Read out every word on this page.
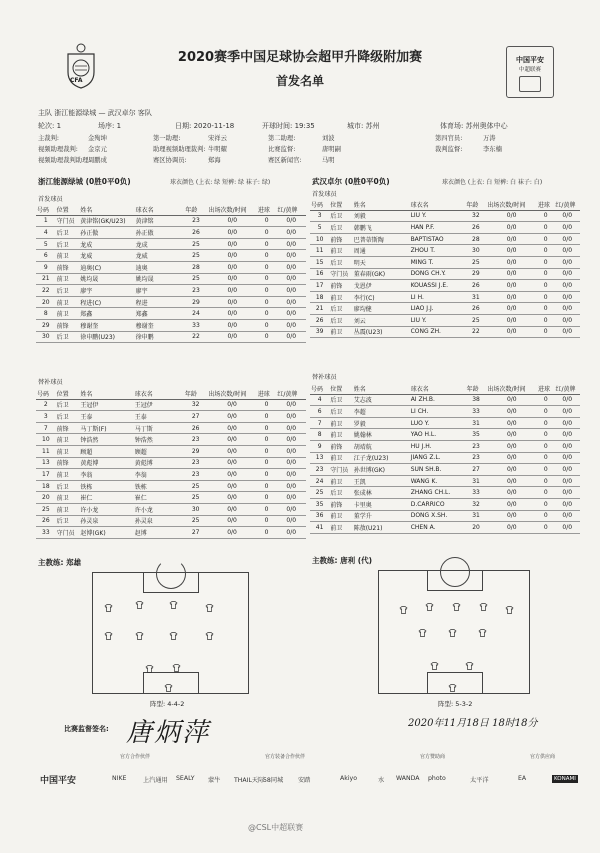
CFA
中国平安
中超联赛
2020赛季中国足球协会超甲升降级附加赛
首发名单
主队 浙江能源绿城 — 武汉卓尔 客队
轮次: 1	场序: 1	日期: 2020-11-18	开球时间: 19:35	城市: 苏州	体育场: 苏州奥体中心
主裁判:	金殉坤	第一助理:	宋祥云	第二助理:	刘波	第四官员:	万涛
视频助理裁判: 金京元	助理视频助理裁判: 牛明耀	比赛监督:	唐明嗣	裁判监督:	李东楠
视频助理裁判助理:
周鹏成	赛区协调员:	郑海	赛区新闻官:	马明
浙江能源绿城 (0胜0平0负)	球衣颜色 (上衣: 绿 短裤: 绿 袜子: 绿)	武汉卓尔 (0胜0平0负)	球衣颜色 (上衣: 白 短裤: 白 袜子: 白)
首发球员
首发球员
号码	位置	姓名	球衣名	年龄	出场次数/时间	进球	红/黄牌
1	守门员	黄津铭(GK/U23)	黄津铭	23	0/0	0	0/0
4	后卫	孙正傲	孙正傲	26	0/0	0	0/0
5	后卫	龙成	龙成	25	0/0	0	0/0
6	前卫	龙威	龙威	25	0/0	0	0/0
9	前锋	迪奥(C)	迪奥	28	0/0	0	0/0
21	前卫	姚均晟	姚均晟	25	0/0	0	0/0
22	后卫	廖宇	廖宇	23	0/0	0	0/0
20	前卫	程进(C)	程进	29	0/0	0	0/0
8	前卫	郑鑫	郑鑫	24	0/0	0	0/0
29	前锋	穆谢奎	穆谢奎	33	0/0	0	0/0
30	后卫	徐申鹏(U23)	徐申鹏	22	0/0	0	0/0
号码	位置	姓名	球衣名	年龄	出场次数/时间	进球	红/黄牌
3	后卫	刘毅	LIU Y.	32	0/0	0	0/0
5	后卫	韩鹏飞	HAN P.F.	26	0/0	0	0/0
10	前锋	巴普蒂斯陶	BAPTISTAO	28	0/0	0	0/0
11	前卫	周通	ZHOU T.	30	0/0	0	0/0
15	后卫	明天	MING T.	25	0/0	0	0/0
16	守门员	董春雨(GK)	DONG CH.Y.	29	0/0	0	0/0
17	前锋	戈恩伊	KOUASSI J.E.	26	0/0	0	0/0
18	前卫	李行(C)	LI H.	31	0/0	0	0/0
21	后卫	廖均健	LIAO J.J.	26	0/0	0	0/0
26	后卫	刘云	LIU Y.	25	0/0	0	0/0
39	前卫	丛震(U23)	CONG ZH.	22	0/0	0	0/0
替补球员
替补球员
号码	位置	姓名	球衣名	年龄	出场次数/时间	进球	红/黄牌
2	后卫	王冠伊	王冠伊	32	0/0	0	0/0
3	后卫	王泰	王泰	27	0/0	0	0/0
7	前锋	马丁斯(F)	马丁斯	26	0/0	0	0/0
10	前卫	钟浩然	钟浩然	23	0/0	0	0/0
11	前卫	顾超	顾超	29	0/0	0	0/0
13	前锋	黄彪博	黄彪博	23	0/0	0	0/0
17	前卫	李翁	李翁	23	0/0	0	0/0
18	后卫	铁栋	铁栋	25	0/0	0	0/0
20	前卫	崔仁	崔仁	25	0/0	0	0/0
25	前卫	许小龙	许小龙	30	0/0	0	0/0
26	后卫	孙灵泉	孙灵泉	25	0/0	0	0/0
33	守门员	赵博(GK)	赵博	27	0/0	0	0/0
号码	位置	姓名	球衣名	年龄	出场次数/时间	进球	红/黄牌
4	后卫	艾志波	AI ZH.B.	38	0/0	0	0/0
6	后卫	李超	LI CH.	33	0/0	0	0/0
7	前卫	罗毅	LUO Y.	31	0/0	0	0/0
8	前卫	姚翰林	YAO H.L.	35	0/0	0	0/0
9	前锋	胡靖航	HU J.H.	23	0/0	0	0/0
13	前卫	江子龙(U23)	JIANG Z.L.	23	0/0	0	0/0
23	守门员	孙世博(GK)	SUN SH.B.	27	0/0	0	0/0
24	前卫	王凯	WANG K.	31	0/0	0	0/0
25	后卫	张成林	ZHANG CH.L.	33	0/0	0	0/0
35	前锋	卡里奥	D.CARRICO	32	0/0	0	0/0
36	前卫	董学升	DONG X.SH.	31	0/0	0	0/0
41	前卫	陈敖(U21)	CHEN A.	20	0/0	0	0/0
主教练: 郑雄	主教练: 唐利 (代)
阵型: 4-4-2	阵型: 5-3-2
比赛监督签名: 唐炳萍	2020年11月18日 18时18分
官方合作伙伴	官方装备合作伙伴	官方赞助商	官方供应商
中国平安	NIKE	上汽通用 SEALY 蒙牛 THAIL天际
58同城 安踏	Akiyo	水 WANDA photo	太平洋	EA	KONAMI
@CSL中超联赛
